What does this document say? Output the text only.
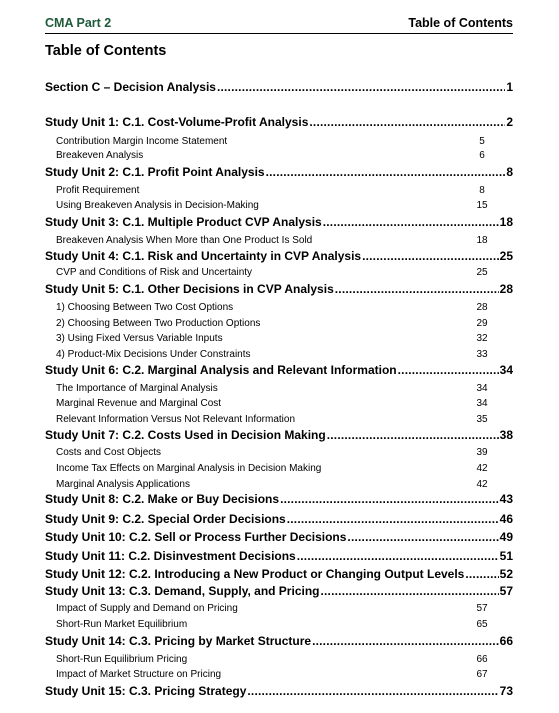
CMA Part 2	Table of Contents
Table of Contents
Section C – Decision Analysis .....	1
Study Unit 1: C.1. Cost-Volume-Profit Analysis .....	2
Contribution Margin Income Statement	5
Breakeven Analysis	6
Study Unit 2: C.1. Profit Point Analysis .....	8
Profit Requirement	8
Using Breakeven Analysis in Decision-Making	15
Study Unit 3: C.1. Multiple Product CVP Analysis .....	18
Breakeven Analysis When More than One Product Is Sold	18
Study Unit 4: C.1. Risk and Uncertainty in CVP Analysis .....	25
CVP and Conditions of Risk and Uncertainty	25
Study Unit 5: C.1. Other Decisions in CVP Analysis .....	28
1) Choosing Between Two Cost Options	28
2) Choosing Between Two Production Options	29
3) Using Fixed Versus Variable Inputs	32
4) Product-Mix Decisions Under Constraints	33
Study Unit 6: C.2. Marginal Analysis and Relevant Information .....	34
The Importance of Marginal Analysis	34
Marginal Revenue and Marginal Cost	34
Relevant Information Versus Not Relevant Information	35
Study Unit 7: C.2. Costs Used in Decision Making .....	38
Costs and Cost Objects	39
Income Tax Effects on Marginal Analysis in Decision Making	42
Marginal Analysis Applications	42
Study Unit 8: C.2. Make or Buy Decisions .....	43
Study Unit 9: C.2. Special Order Decisions .....	46
Study Unit 10: C.2. Sell or Process Further Decisions .....	49
Study Unit 11: C.2. Disinvestment Decisions .....	51
Study Unit 12: C.2. Introducing a New Product or Changing Output Levels .....	52
Study Unit 13: C.3. Demand, Supply, and Pricing .....	57
Impact of Supply and Demand on Pricing	57
Short-Run Market Equilibrium	65
Study Unit 14: C.3. Pricing by Market Structure .....	66
Short-Run Equilibrium Pricing	66
Impact of Market Structure on Pricing	67
Study Unit 15: C.3. Pricing Strategy .....	73
